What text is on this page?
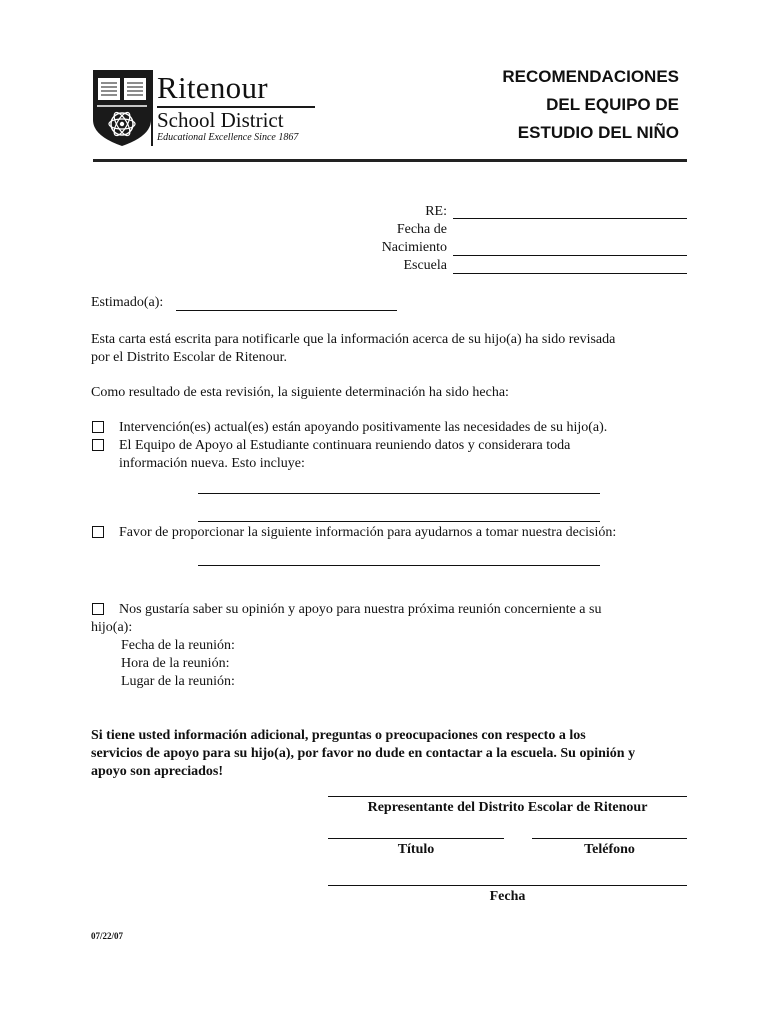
Ritenour
School District
Educational Excellence Since 1867
RECOMENDACIONES
DEL EQUIPO DE
ESTUDIO DEL NIÑO
RE:
Fecha de
Nacimiento
Escuela
Estimado(a):
Esta carta está escrita para notificarle que la información acerca de su hijo(a) ha sido revisada
por el Distrito Escolar de Ritenour.
Como resultado de esta revisión, la siguiente determinación ha sido hecha:
Intervención(es) actual(es) están apoyando positivamente las necesidades de su hijo(a).
El Equipo de Apoyo al Estudiante continuara reuniendo datos y considerara toda
información nueva. Esto incluye:
Favor de proporcionar la siguiente información para ayudarnos a tomar nuestra decisión:
Nos gustaría saber su opinión y apoyo para nuestra próxima reunión concerniente a su
hijo(a):
Fecha de la reunión:
Hora de la reunión:
Lugar de la reunión:
Si tiene usted información adicional, preguntas o preocupaciones con respecto a los
servicios de apoyo para su hijo(a), por favor no dude en contactar a la escuela. Su opinión y
apoyo son apreciados!
Representante del Distrito Escolar de Ritenour
Título	Teléfono
Fecha
07/22/07
